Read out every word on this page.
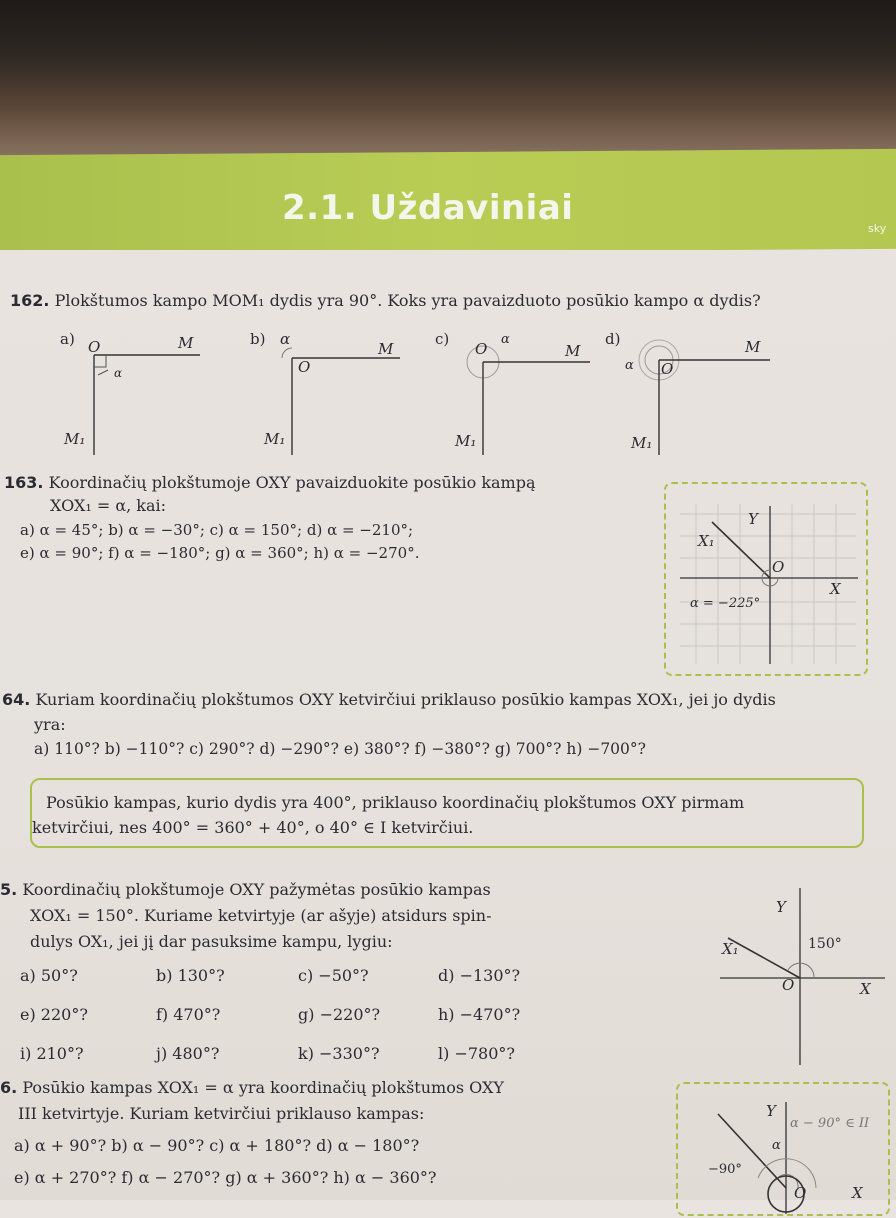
2.1. Uždaviniai
sky
162. Plokštumos kampo MOM₁ dydis yra 90°. Koks yra pavaizduoto posūkio kampo α dydis?
a) O	M
M₁
α
b) α
O
M
M₁
c)
O
α
M
M₁
d)
α O
M
M₁
163. Koordinačių plokštumoje OXY pavaizduokite posūkio kampą
XOX₁ = α, kai:
a) α = 45°; b) α = −30°; c) α = 150°; d) α = −210°;
e) α = 90°; f) α = −180°; g) α = 360°; h) α = −270°.
Y
X
O
X₁
α = −225°
64. Kuriam koordinačių plokštumos OXY ketvirčiui priklauso posūkio kampas XOX₁, jei jo dydis
yra:
a) 110°? b) −110°? c) 290°? d) −290°? e) 380°? f) −380°? g) 700°? h) −700°?
Posūkio kampas, kurio dydis yra 400°, priklauso koordinačių plokštumos OXY pirmam
ketvirčiui, nes 400° = 360° + 40°, o 40° ∈ I ketvirčiui.
5. Koordinačių plokštumoje OXY pažymėtas posūkio kampas
XOX₁ = 150°. Kuriame ketvirtyje (ar ašyje) atsidurs spin-
dulys OX₁, jei jį dar pasuksime kampu, lygiu:
a) 50°?	b) 130°?	c) −50°?	d) −130°?
e) 220°?	f) 470°?	g) −220°?	h) −470°?
i) 210°?	j) 480°?	k) −330°?	l) −780°?
Y
X
O
X₁	150°
6. Posūkio kampas XOX₁ = α yra koordinačių plokštumos OXY
III ketvirtyje. Kuriam ketvirčiui priklauso kampas:
a) α + 90°? b) α − 90°? c) α + 180°? d) α − 180°?
e) α + 270°? f) α − 270°? g) α + 360°? h) α − 360°?
Y
O	X
α
−90°
α − 90° ∈ II
